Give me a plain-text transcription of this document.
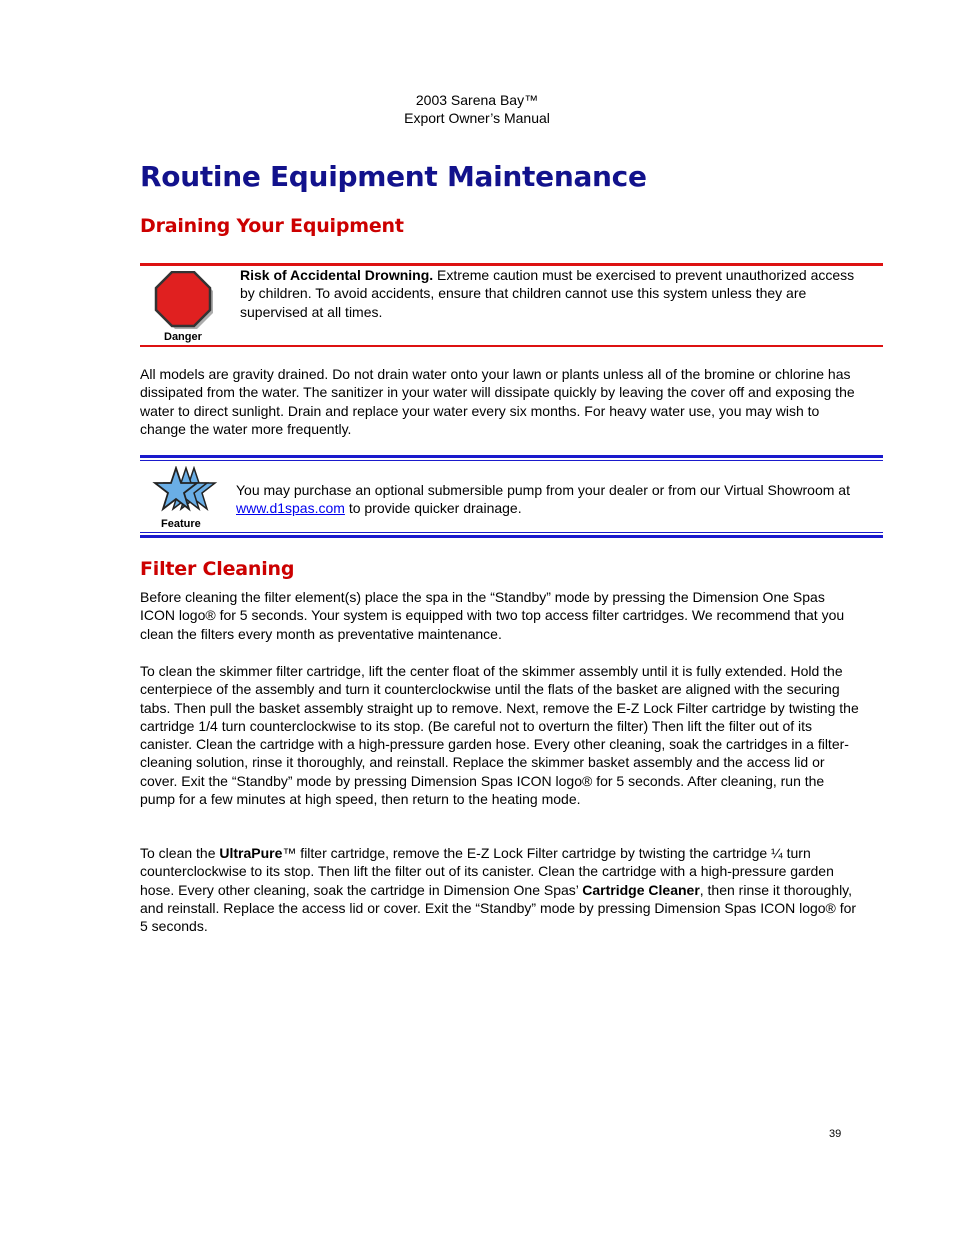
2003 Sarena Bay™
Export Owner’s Manual
Routine Equipment Maintenance
Draining Your Equipment
Danger

Risk of Accidental Drowning. Extreme caution must be exercised to prevent unauthorized access by children. To avoid accidents, ensure that children cannot use this system unless they are supervised at all times.

All models are gravity drained. Do not drain water onto your lawn or plants unless all of the bromine or chlorine has dissipated from the water. The sanitizer in your water will dissipate quickly by leaving the cover off and exposing the water to direct sunlight. Drain and replace your water every six months. For heavy water use, you may wish to change the water more frequently.

Feature

You may purchase an optional submersible pump from your dealer or from our Virtual Showroom at www.d1spas.com to provide quicker drainage.

Filter Cleaning

Before cleaning the filter element(s) place the spa in the “Standby” mode by pressing the Dimension One Spas ICON logo® for 5 seconds. Your system is equipped with two top access filter cartridges. We recommend that you clean the filters every month as preventative maintenance.

To clean the skimmer filter cartridge, lift the center float of the skimmer assembly until it is fully extended. Hold the centerpiece of the assembly and turn it counterclockwise until the flats of the basket are aligned with the securing tabs. Then pull the basket assembly straight up to remove. Next, remove the E-Z Lock Filter cartridge by twisting the cartridge 1/4 turn counterclockwise to its stop. (Be careful not to overturn the filter) Then lift the filter out of its canister. Clean the cartridge with a high-pressure garden hose. Every other cleaning, soak the cartridges in a filter-cleaning solution, rinse it thoroughly, and reinstall. Replace the skimmer basket assembly and the access lid or cover. Exit the “Standby” mode by pressing Dimension Spas ICON logo® for 5 seconds. After cleaning, run the pump for a few minutes at high speed, then return to the heating mode.

To clean the UltraPure™ filter cartridge, remove the E-Z Lock Filter cartridge by twisting the cartridge ¼ turn counterclockwise to its stop. Then lift the filter out of its canister. Clean the cartridge with a high-pressure garden hose. Every other cleaning, soak the cartridge in Dimension One Spas’ Cartridge Cleaner, then rinse it thoroughly, and reinstall. Replace the access lid or cover. Exit the “Standby” mode by pressing Dimension Spas ICON logo® for 5 seconds.

39
